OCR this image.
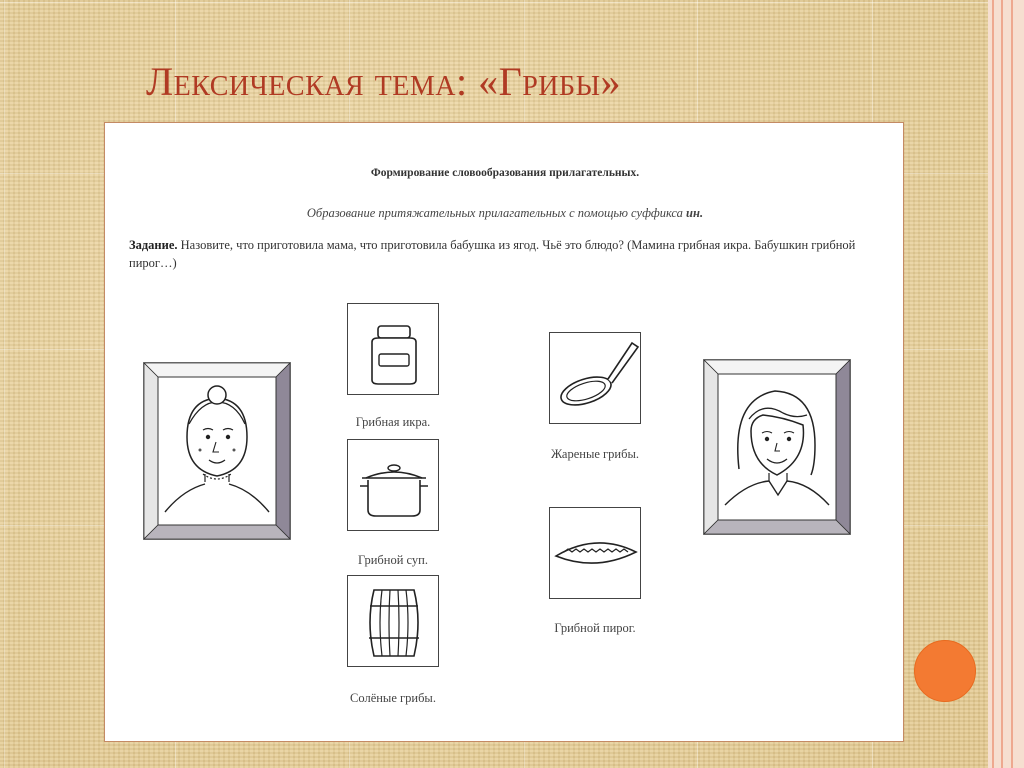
Лексическая тема: «Грибы»
Формирование словообразования прилагательных.
Образование притяжательных прилагательных с помощью суффикса ин.
Задание. Назовите, что приготовила мама, что приготовила бабушка из ягод. Чьё это блюдо? (Мамина грибная икра. Бабушкин грибной пирог…)
Грибная икра.
Грибной суп.
Солёные грибы.
Жареные грибы.
Грибной пирог.
